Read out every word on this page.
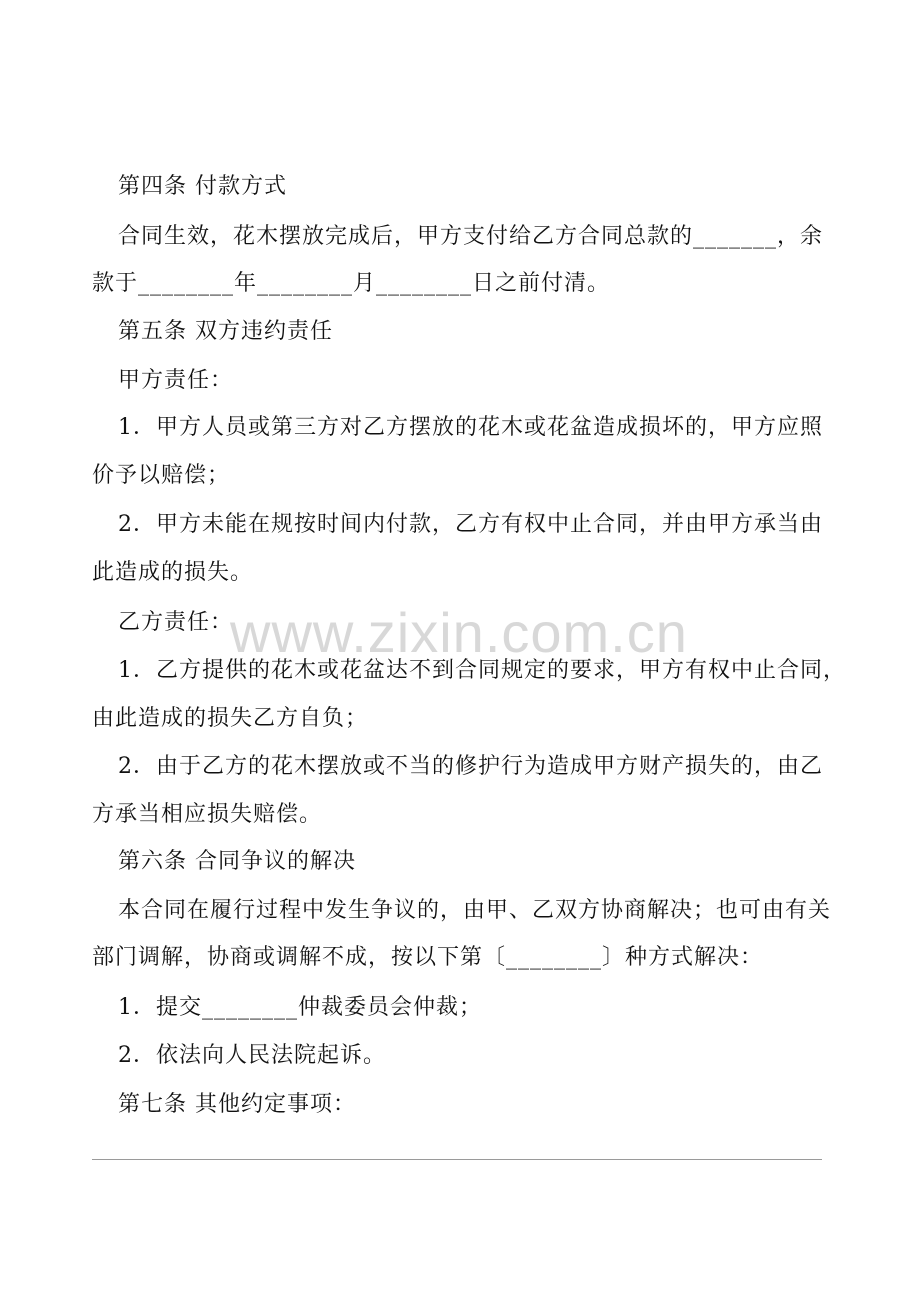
第四条 付款方式
合同生效，花木摆放完成后，甲方支付给乙方合同总款的_______，余
款于________年________月________日之前付清。
第五条 双方违约责任
甲方责任：
1．甲方人员或第三方对乙方摆放的花木或花盆造成损坏的，甲方应照
价予以赔偿；
2．甲方未能在规按时间内付款，乙方有权中止合同，并由甲方承当由
此造成的损失。
乙方责任：
1．乙方提供的花木或花盆达不到合同规定的要求，甲方有权中止合同，
由此造成的损失乙方自负；
2．由于乙方的花木摆放或不当的修护行为造成甲方财产损失的，由乙
方承当相应损失赔偿。
第六条 合同争议的解决
本合同在履行过程中发生争议的，由甲、乙双方协商解决；也可由有关
部门调解，协商或调解不成，按以下第〔________〕种方式解决：
1．提交________仲裁委员会仲裁；
2．依法向人民法院起诉。
第七条 其他约定事项：
www.zixin.com.cn
